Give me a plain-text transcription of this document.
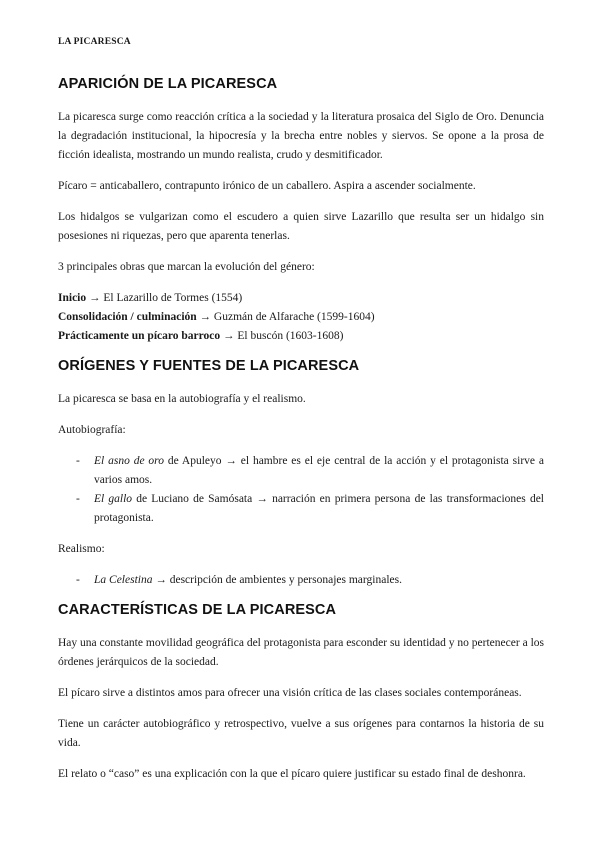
LA PICARESCA
APARICIÓN DE LA PICARESCA

La picaresca surge como reacción crítica a la sociedad y la literatura prosaica del Siglo de Oro. Denuncia la degradación institucional, la hipocresía y la brecha entre nobles y siervos. Se opone a la prosa de ficción idealista, mostrando un mundo realista, crudo y desmitificador.

Pícaro = anticaballero, contrapunto irónico de un caballero. Aspira a ascender socialmente.

Los hidalgos se vulgarizan como el escudero a quien sirve Lazarillo que resulta ser un hidalgo sin posesiones ni riquezas, pero que aparenta tenerlas.

3 principales obras que marcan la evolución del género:

Inicio → El Lazarillo de Tormes (1554)

Consolidación / culminación → Guzmán de Alfarache (1599-1604)

Prácticamente un pícaro barroco → El buscón (1603-1608)

ORÍGENES Y FUENTES DE LA PICARESCA

La picaresca se basa en la autobiografía y el realismo.

Autobiografía:

- El asno de oro de Apuleyo → el hambre es el eje central de la acción y el protagonista sirve a varios amos.
- El gallo de Luciano de Samósata → narración en primera persona de las transformaciones del protagonista.

Realismo:

- La Celestina → descripción de ambientes y personajes marginales.
CARACTERÍSTICAS DE LA PICARESCA

Hay una constante movilidad geográfica del protagonista para esconder su identidad y no pertenecer a los órdenes jerárquicos de la sociedad.

El pícaro sirve a distintos amos para ofrecer una visión crítica de las clases sociales contemporáneas.

Tiene un carácter autobiográfico y retrospectivo, vuelve a sus orígenes para contarnos la historia de su vida.

El relato o “caso” es una explicación con la que el pícaro quiere justificar su estado final de deshonra.
